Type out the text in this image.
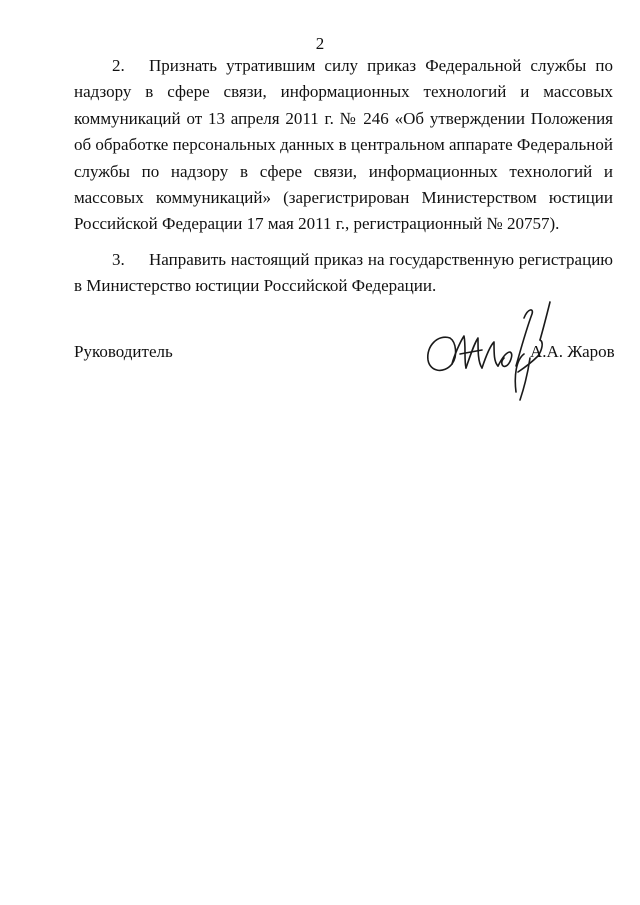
2

2. Признать утратившим силу приказ Федеральной службы по надзору в сфере связи, информационных технологий и массовых коммуникаций от 13 апреля 2011 г. № 246 «Об утверждении Положения об обработке персональных данных в центральном аппарате Федеральной службы по надзору в сфере связи, информационных технологий и массовых коммуникаций» (зарегистрирован Министерством юстиции Российской Федерации 17 мая 2011 г., регистрационный № 20757).

3. Направить настоящий приказ на государственную регистрацию в Министерство юстиции Российской Федерации.

Руководитель	А.А. Жаров
